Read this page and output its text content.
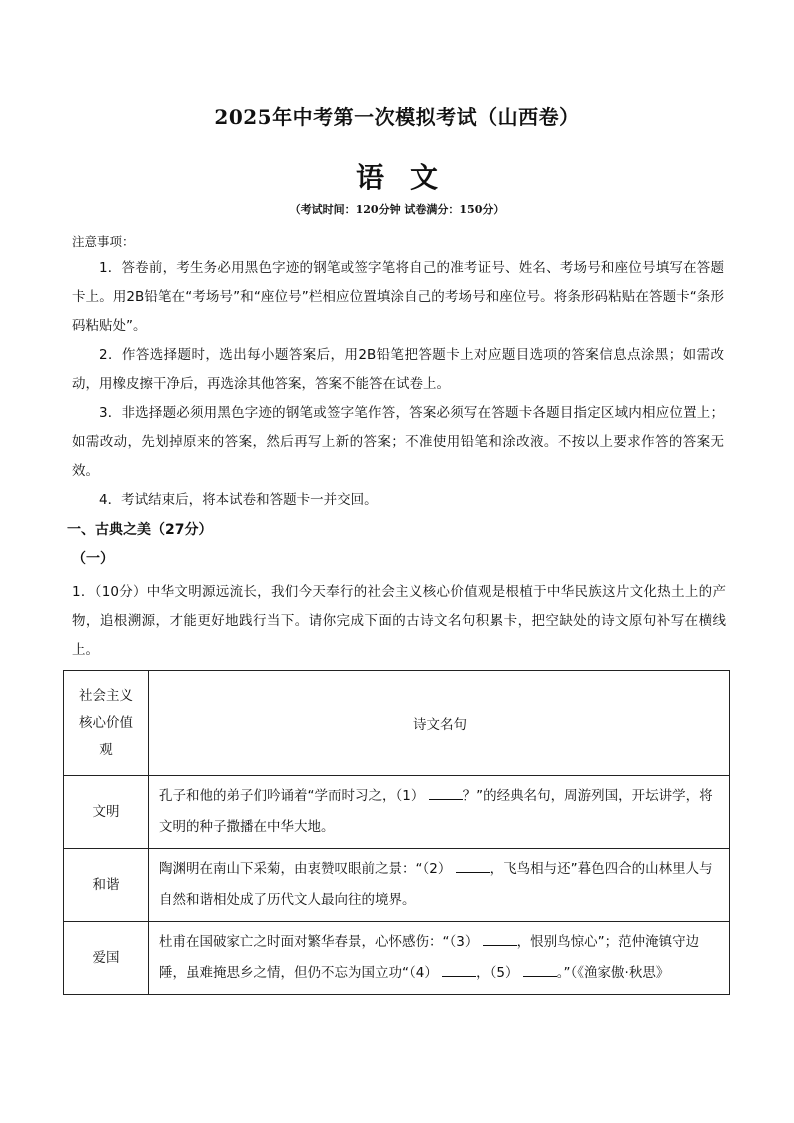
2025年中考第一次模拟考试（山西卷）
语文
（考试时间：120分钟 试卷满分：150分）
注意事项：

1．答卷前，考生务必用黑色字迹的钢笔或签字笔将自己的准考证号、姓名、考场号和座位号填写在答题卡上。用2B铅笔在“考场号”和“座位号”栏相应位置填涂自己的考场号和座位号。将条形码粘贴在答题卡“条形码粘贴处”。

2．作答选择题时，选出每小题答案后，用2B铅笔把答题卡上对应题目选项的答案信息点涂黑；如需改动，用橡皮擦干净后，再选涂其他答案，答案不能答在试卷上。

3．非选择题必须用黑色字迹的钢笔或签字笔作答，答案必须写在答题卡各题目指定区域内相应位置上；如需改动，先划掉原来的答案，然后再写上新的答案；不准使用铅笔和涂改液。不按以上要求作答的答案无效。

4．考试结束后，将本试卷和答题卡一并交回。

一、古典之美（27分）
（一）

1．（10分）中华文明源远流长，我们今天奉行的社会主义核心价值观是根植于中华民族这片文化热土上的产物，追根溯源，才能更好地践行当下。请你完成下面的古诗文名句积累卡，把空缺处的诗文原句补写在横线上。

社会主义
核心价值
观	诗文名句
文明	孔子和他的弟子们吟诵着“学而时习之，（1） ？”的经典名句，周游列国，开坛讲学，将文明的种子撒播在中华大地。
和谐	陶渊明在南山下采菊，由衷赞叹眼前之景：“（2） ，飞鸟相与还”暮色四合的山林里人与自然和谐相处成了历代文人最向往的境界。
爱国	杜甫在国破家亡之时面对繁华春景，心怀感伤：“（3） ，恨别鸟惊心”；范仲淹镇守边陲，虽难掩思乡之情，但仍不忘为国立功“（4） ，（5） 。”（《渔家傲·秋思》
